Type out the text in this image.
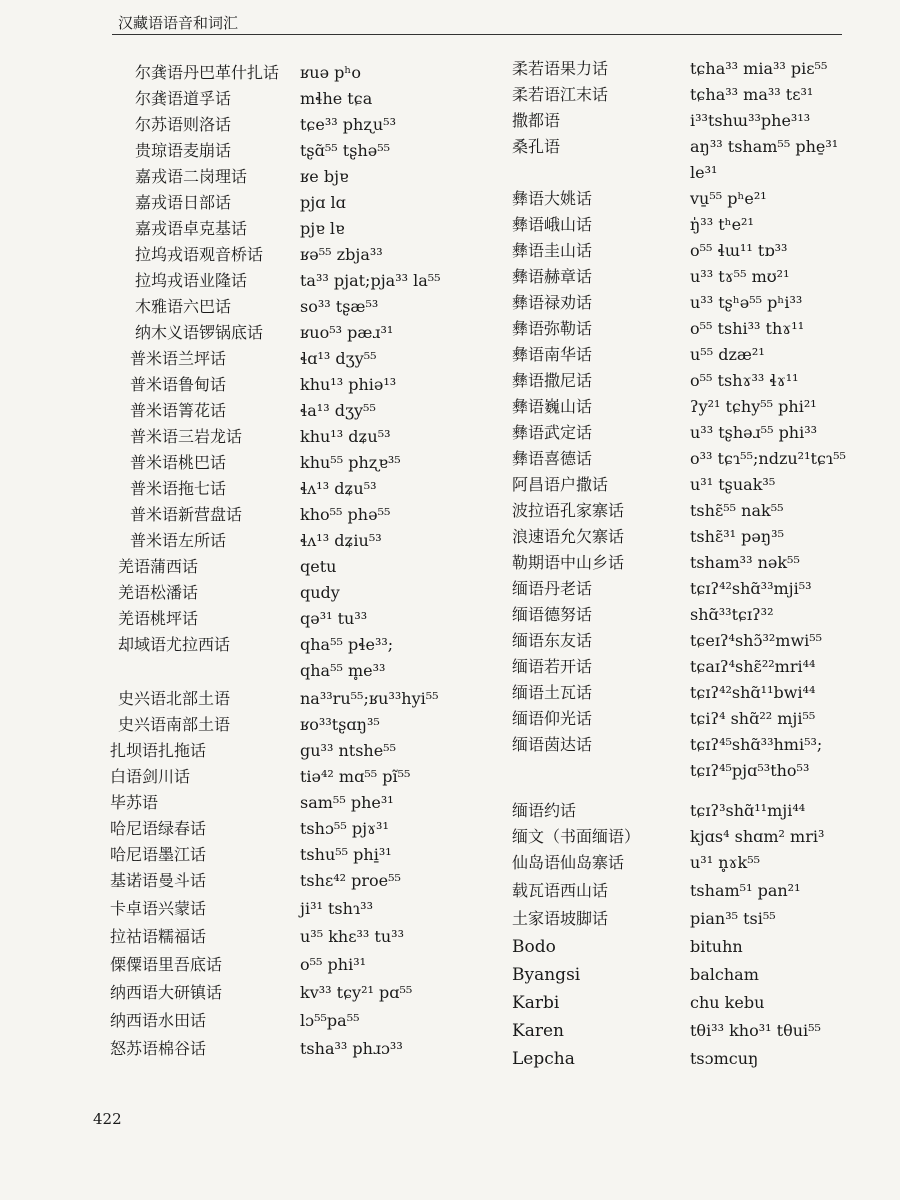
汉藏语语音和词汇
尔龚语丹巴革什扎话 ʁuə pʰo
尔龚语道孚话	mɬhe tɕa
尔苏语则洛话	tɕe³³ phʐu⁵³
贵琼语麦崩话	tʂɑ̃⁵⁵ tʂhə⁵⁵
嘉戎语二岗理话	ʁe bjɐ
嘉戎语日部话	pjɑ lɑ
嘉戎语卓克基话	pjɐ lɐ
拉坞戎语观音桥话 ʁə⁵⁵ zbja³³
拉坞戎语业隆话	ta³³ pjat;pja³³ la⁵⁵
木雅语六巴话	so³³ tʂæ⁵³
纳木义语锣锅底话 ʁuo⁵³ pæɹ³¹
普米语兰坪话	ɬɑ¹³ dʒy⁵⁵
普米语鲁甸话	khu¹³ phiə¹³
普米语箐花话	ɬa¹³ dʒy⁵⁵
普米语三岩龙话	khu¹³ dʑu⁵³
普米语桃巴话	khu⁵⁵ phʐɐ³⁵
普米语拖七话	ɬʌ¹³ dʑu⁵³
普米语新营盘话	kho⁵⁵ phə⁵⁵
普米语左所话	ɬʌ¹³ dʑiu⁵³
羌语蒲西话	qetu
羌语松潘话	qudy
羌语桃坪话	qə³¹ tu³³
却域语尤拉西话	qha⁵⁵ pɬe³³;
qha⁵⁵ m̥e³³
史兴语北部土语	na³³ru⁵⁵;ʁu³³hyi⁵⁵
史兴语南部土语	ʁo³³tʂɑŋ³⁵
扎坝语扎拖话	gu³³ ntshe⁵⁵
白语剑川话	tiə⁴² mɑ⁵⁵ pĩ⁵⁵
毕苏语	sam⁵⁵ phe³¹
哈尼语绿春话	tshɔ⁵⁵ pjɤ³¹
哈尼语墨江话	tshu⁵⁵ phi̱³¹
基诺语曼斗话	tshɛ⁴² proe⁵⁵
卡卓语兴蒙话	ji³¹ tshɿ³³
拉祜语糯福话	u³⁵ khɛ³³ tu³³
傈僳语里吾底话	o⁵⁵ phi³¹
纳西语大研镇话	kv³³ tɕy²¹ pɑ⁵⁵
纳西语水田话	lɔ⁵⁵pa⁵⁵
怒苏语棉谷话	tsha³³ phɹɔ³³
柔若语果力话	tɕha³³ mia³³ piɛ⁵⁵
柔若语江末话	tɕha³³ ma³³ tɛ³¹
撒都语	i³³tshɯ³³phe³¹³
桑孔语	aŋ³³ tsham⁵⁵ phe̱³¹
le³¹
彝语大姚话	vu̱⁵⁵ pʰe²¹
彝语峨山话	ŋ̍³³ tʰe²¹
彝语圭山话	o⁵⁵ ɬɯ¹¹ tɒ³³
彝语赫章话	u³³ tɤ⁵⁵ mʊ²¹
彝语禄劝话	u³³ tʂʰə⁵⁵ pʰi³³
彝语弥勒话	o⁵⁵ tshi³³ thɤ¹¹
彝语南华话	u⁵⁵ dzæ²¹
彝语撒尼话	o⁵⁵ tshɤ³³ ɬɤ¹¹
彝语巍山话	ʔy²¹ tɕhy⁵⁵ phi²¹
彝语武定话	u³³ tʂhəɹ⁵⁵ phi³³
彝语喜德话	o³³ tɕɿ⁵⁵;ndzu²¹tɕɿ⁵⁵
阿昌语户撒话	u³¹ tʂuak³⁵
波拉语孔家寨话	tshɛ̃⁵⁵ nak⁵⁵
浪速语允欠寨话	tshɛ̃³¹ pəŋ³⁵
勒期语中山乡话	tsham³³ nək⁵⁵
缅语丹老话	tɕɪʔ⁴²shɑ̃³³mji⁵³
缅语德努话	shɑ̃³³tɕɪʔ³²
缅语东友话	tɕeɪʔ⁴shɔ̃³²mwi⁵⁵
缅语若开话	tɕaɪʔ⁴shɛ̃²²mri⁴⁴
缅语土瓦话	tɕɪʔ⁴²shɑ̃¹¹bwi⁴⁴
缅语仰光话	tɕiʔ⁴ shɑ̃²² mji⁵⁵
缅语茵达话	tɕɪʔ⁴⁵shɑ̃³³hmi⁵³;
tɕɪʔ⁴⁵pjɑ⁵³tho⁵³
缅语约话	tɕɪʔ³shɑ̃¹¹mji⁴⁴
缅文（书面缅语）	kjɑs⁴ shɑm² mri³
仙岛语仙岛寨话	u³¹ n̥ɤk⁵⁵
载瓦语西山话	tsham⁵¹ pan²¹
土家语坡脚话	pian³⁵ tsi⁵⁵
Bodo	bituhn
Byangsi	balcham
Karbi	chu kebu
Karen	tθi³³ kho³¹ tθui⁵⁵
Lepcha	tsɔmcuŋ
422
